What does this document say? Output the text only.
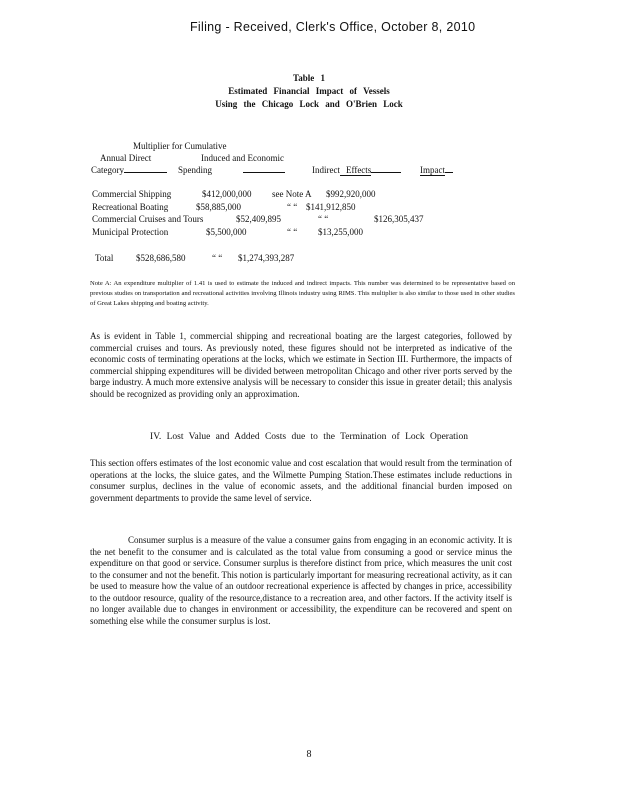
Filing - Received, Clerk's Office, October 8, 2010
Table 1
Estimated Financial Impact of Vessels
Using the Chicago Lock and O'Brien Lock
Multiplier for Cumulative
Annual Direct	Induced and Economic
Category	Spending	Indirect Effects	Impact
Commercial Shipping	$412,000,000 see Note A $992,920,000
Recreational Boating	$58,885,000	“ “ $141,912,850
Commercial Cruises and Tours	$52,409,895	“ “	$126,305,437
Municipal Protection	$5,500,000	“ “ $13,255,000
Total	$528,686,580	“ “ $1,274,393,287
Note A: An expenditure multiplier of 1.41 is used to estimate the induced and indirect impacts. This number was determined to be representative based on previous studies on transportation and recreational activities involving Illinois industry using RIMS. This multiplier is also similar to those used in other studies of Great Lakes shipping and boating activity.
As is evident in Table 1, commercial shipping and recreational boating are the largest categories, followed by commercial cruises and tours. As previously noted, these figures should not be interpreted as indicative of the economic costs of terminating operations at the locks, which we estimate in Section III. Furthermore, the impacts of commercial shipping expenditures will be divided between metropolitan Chicago and other river ports served by the barge industry. A much more extensive analysis will be necessary to consider this issue in greater detail; this analysis should be recognized as providing only an approximation.
IV. Lost Value and Added Costs due to the Termination of Lock Operation
This section offers estimates of the lost economic value and cost escalation that would result from the termination of operations at the locks, the sluice gates, and the Wilmette Pumping Station.These estimates include reductions in consumer surplus, declines in the value of economic assets, and the additional financial burden imposed on government departments to provide the same level of service.
Consumer surplus is a measure of the value a consumer gains from engaging in an economic activity. It is the net benefit to the consumer and is calculated as the total value from consuming a good or service minus the expenditure on that good or service. Consumer surplus is therefore distinct from price, which measures the unit cost to the consumer and not the benefit. This notion is particularly important for measuring recreational activity, as it can be used to measure how the value of an outdoor recreational experience is affected by changes in price, accessibility to the outdoor resource, quality of the resource,distance to a recreation area, and other factors. If the activity itself is no longer available due to changes in environment or accessibility, the expenditure can be recovered and spent on something else while the consumer surplus is lost.
8
